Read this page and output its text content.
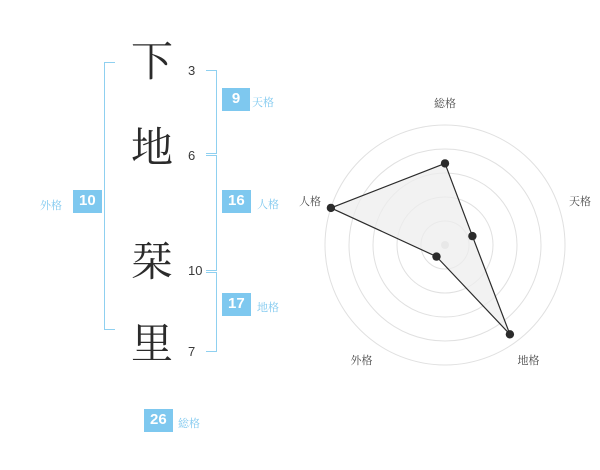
下 3
地 6
栞 10
里 7
9	天格
16	人格
17	地格
外格	10
26	総格
総格
天格
地格
外格
人格
